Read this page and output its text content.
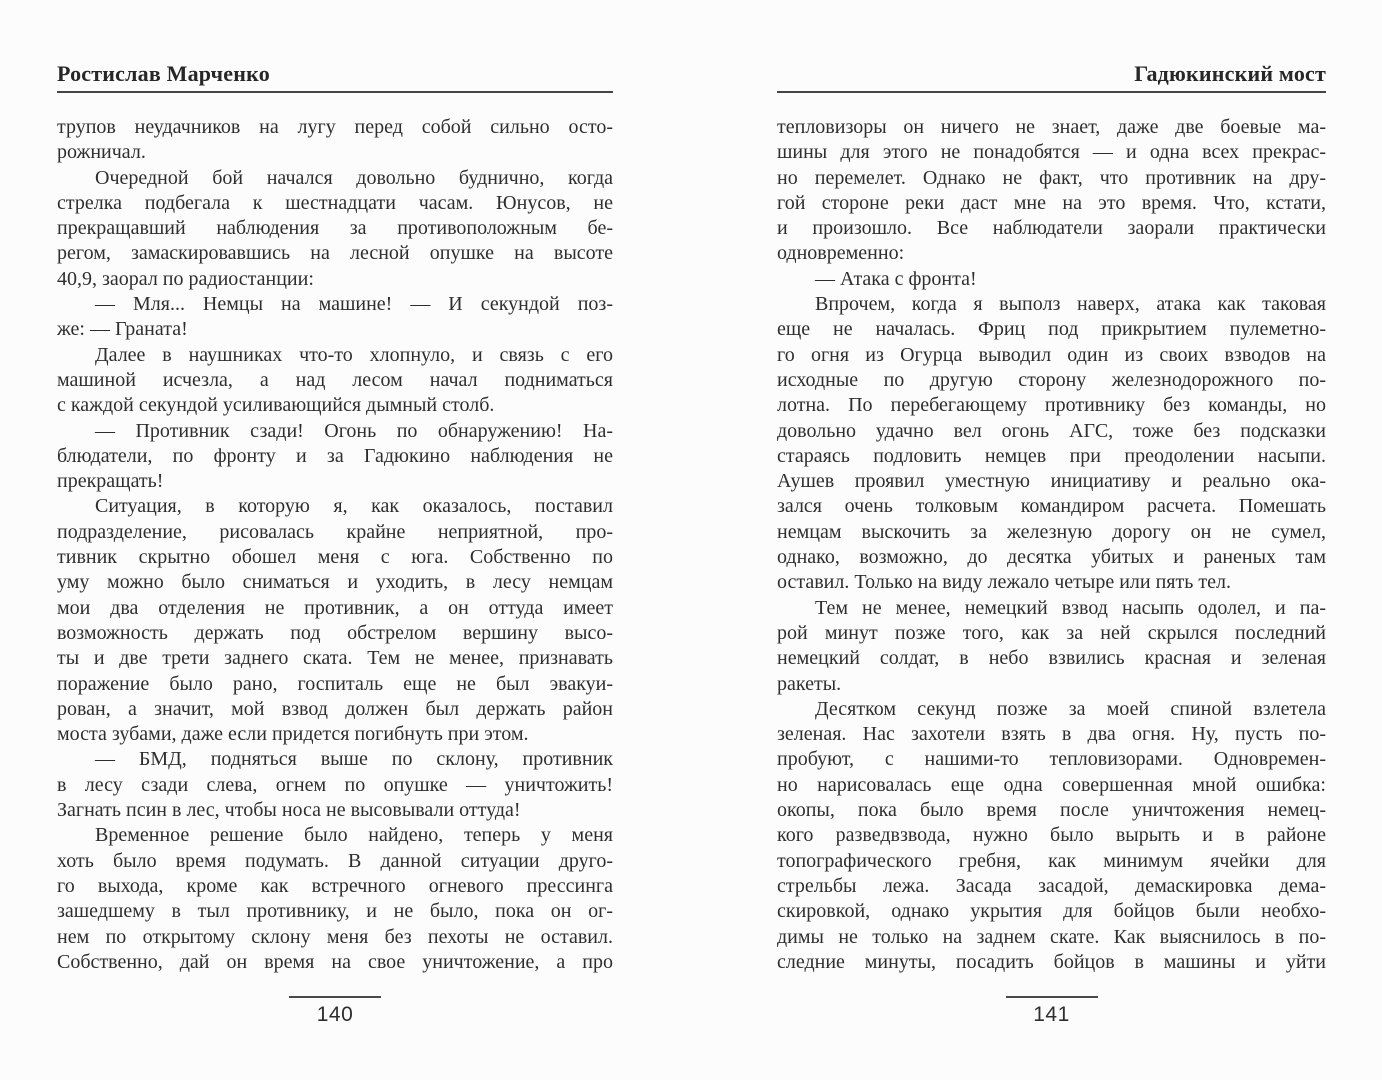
Ростислав Марченко
трупов неудачников на лугу перед собой сильно осто-
рожничал.
Очередной бой начался довольно буднично, когда
стрелка подбегала к шестнадцати часам. Юнусов, не
прекращавший наблюдения за противоположным бе-
регом, замаскировавшись на лесной опушке на высоте
40,9, заорал по радиостанции:
— Мля... Немцы на машине! — И секундой поз-
же: — Граната!
Далее в наушниках что-то хлопнуло, и связь с его
машиной исчезла, а над лесом начал подниматься
с каждой секундой усиливающийся дымный столб.
— Противник сзади! Огонь по обнаружению! На-
блюдатели, по фронту и за Гадюкино наблюдения не
прекращать!
Ситуация, в которую я, как оказалось, поставил
подразделение, рисовалась крайне неприятной, про-
тивник скрытно обошел меня с юга. Собственно по
уму можно было сниматься и уходить, в лесу немцам
мои два отделения не противник, а он оттуда имеет
возможность держать под обстрелом вершину высо-
ты и две трети заднего ската. Тем не менее, признавать
поражение было рано, госпиталь еще не был эвакуи-
рован, а значит, мой взвод должен был держать район
моста зубами, даже если придется погибнуть при этом.
— БМД, подняться выше по склону, противник
в лесу сзади слева, огнем по опушке — уничтожить!
Загнать псин в лес, чтобы носа не высовывали оттуда!
Временное решение было найдено, теперь у меня
хоть было время подумать. В данной ситуации друго-
го выхода, кроме как встречного огневого прессинга
зашедшему в тыл противнику, и не было, пока он ог-
нем по открытому склону меня без пехоты не оставил.
Собственно, дай он время на свое уничтожение, а про
140
Гадюкинский мост
тепловизоры он ничего не знает, даже две боевые ма-
шины для этого не понадобятся — и одна всех прекрас-
но перемелет. Однако не факт, что противник на дру-
гой стороне реки даст мне на это время. Что, кстати,
и произошло. Все наблюдатели заорали практически
одновременно:
— Атака с фронта!
Впрочем, когда я выполз наверх, атака как таковая
еще не началась. Фриц под прикрытием пулеметно-
го огня из Огурца выводил один из своих взводов на
исходные по другую сторону железнодорожного по-
лотна. По перебегающему противнику без команды, но
довольно удачно вел огонь АГС, тоже без подсказки
стараясь подловить немцев при преодолении насыпи.
Аушев проявил уместную инициативу и реально ока-
зался очень толковым командиром расчета. Помешать
немцам выскочить за железную дорогу он не сумел,
однако, возможно, до десятка убитых и раненых там
оставил. Только на виду лежало четыре или пять тел.
Тем не менее, немецкий взвод насыпь одолел, и па-
рой минут позже того, как за ней скрылся последний
немецкий солдат, в небо взвились красная и зеленая
ракеты.
Десятком секунд позже за моей спиной взлетела
зеленая. Нас захотели взять в два огня. Ну, пусть по-
пробуют, с нашими-то тепловизорами. Одновремен-
но нарисовалась еще одна совершенная мной ошибка:
окопы, пока было время после уничтожения немец-
кого разведвзвода, нужно было вырыть и в районе
топографического гребня, как минимум ячейки для
стрельбы лежа. Засада засадой, демаскировка дема-
скировкой, однако укрытия для бойцов были необхо-
димы не только на заднем скате. Как выяснилось в по-
следние минуты, посадить бойцов в машины и уйти
141
